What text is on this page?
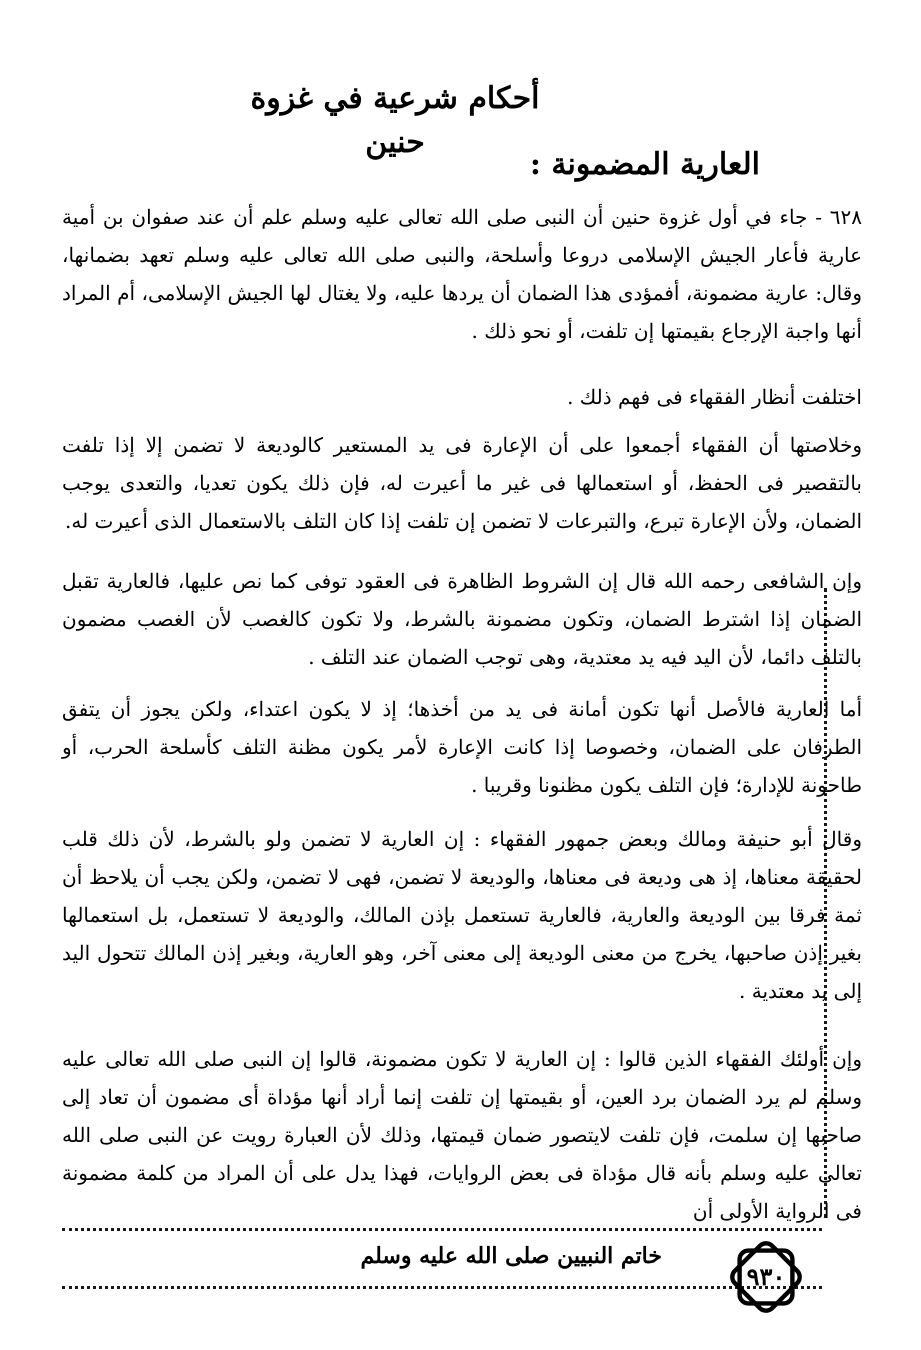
أحكام شرعية في غزوة حنين
العارية المضمونة :
٦٢٨ - جاء في أول غزوة حنين أن النبى صلى الله تعالى عليه وسلم علم أن عند صفوان بن أمية عارية فأعار الجيش الإسلامى دروعا وأسلحة، والنبى صلى الله تعالى عليه وسلم تعهد بضمانها، وقال: عارية مضمونة، أفمؤدى هذا الضمان أن يردها عليه، ولا يغتال لها الجيش الإسلامى، أم المراد أنها واجبة الإرجاع بقيمتها إن تلفت، أو نحو ذلك .
اختلفت أنظار الفقهاء فى فهم ذلك .
وخلاصتها أن الفقهاء أجمعوا على أن الإعارة فى يد المستعير كالوديعة لا تضمن إلا إذا تلفت بالتقصير فى الحفظ، أو استعمالها فى غير ما أعيرت له، فإن ذلك يكون تعديا، والتعدى يوجب الضمان، ولأن الإعارة تبرع، والتبرعات لا تضمن إن تلفت إذا كان التلف بالاستعمال الذى أعيرت له.
وإن الشافعى رحمه الله قال إن الشروط الظاهرة فى العقود توفى كما نص عليها، فالعارية تقبل الضمان إذا اشترط الضمان، وتكون مضمونة بالشرط، ولا تكون كالغصب لأن الغصب مضمون بالتلف دائما، لأن اليد فيه يد معتدية، وهى توجب الضمان عند التلف .
أما العارية فالأصل أنها تكون أمانة فى يد من أخذها؛ إذ لا يكون اعتداء، ولكن يجوز أن يتفق الطرفان على الضمان، وخصوصا إذا كانت الإعارة لأمر يكون مظنة التلف كأسلحة الحرب، أو طاحونة للإدارة؛ فإن التلف يكون مظنونا وقريبا .
وقال أبو حنيفة ومالك وبعض جمهور الفقهاء : إن العارية لا تضمن ولو بالشرط، لأن ذلك قلب لحقيقة معناها، إذ هى وديعة فى معناها، والوديعة لا تضمن، فهى لا تضمن، ولكن يجب أن يلاحظ أن ثمة فرقا بين الوديعة والعارية، فالعارية تستعمل بإذن المالك، والوديعة لا تستعمل، بل استعمالها بغير إذن صاحبها، يخرج من معنى الوديعة إلى معنى آخر، وهو العارية، وبغير إذن المالك تتحول اليد إلى يد معتدية .
وإن أولئك الفقهاء الذين قالوا : إن العارية لا تكون مضمونة، قالوا إن النبى صلى الله تعالى عليه وسلم لم يرد الضمان برد العين، أو بقيمتها إن تلفت إنما أراد أنها مؤداة أى مضمون أن تعاد إلى صاحبها إن سلمت، فإن تلفت لايتصور ضمان قيمتها، وذلك لأن العبارة رويت عن النبى صلى الله تعالى عليه وسلم بأنه قال مؤداة فى بعض الروايات، فهذا يدل على أن المراد من كلمة مضمونة فى الرواية الأولى أن
٩٣٠
خاتم النبيين صلى الله عليه وسلم
